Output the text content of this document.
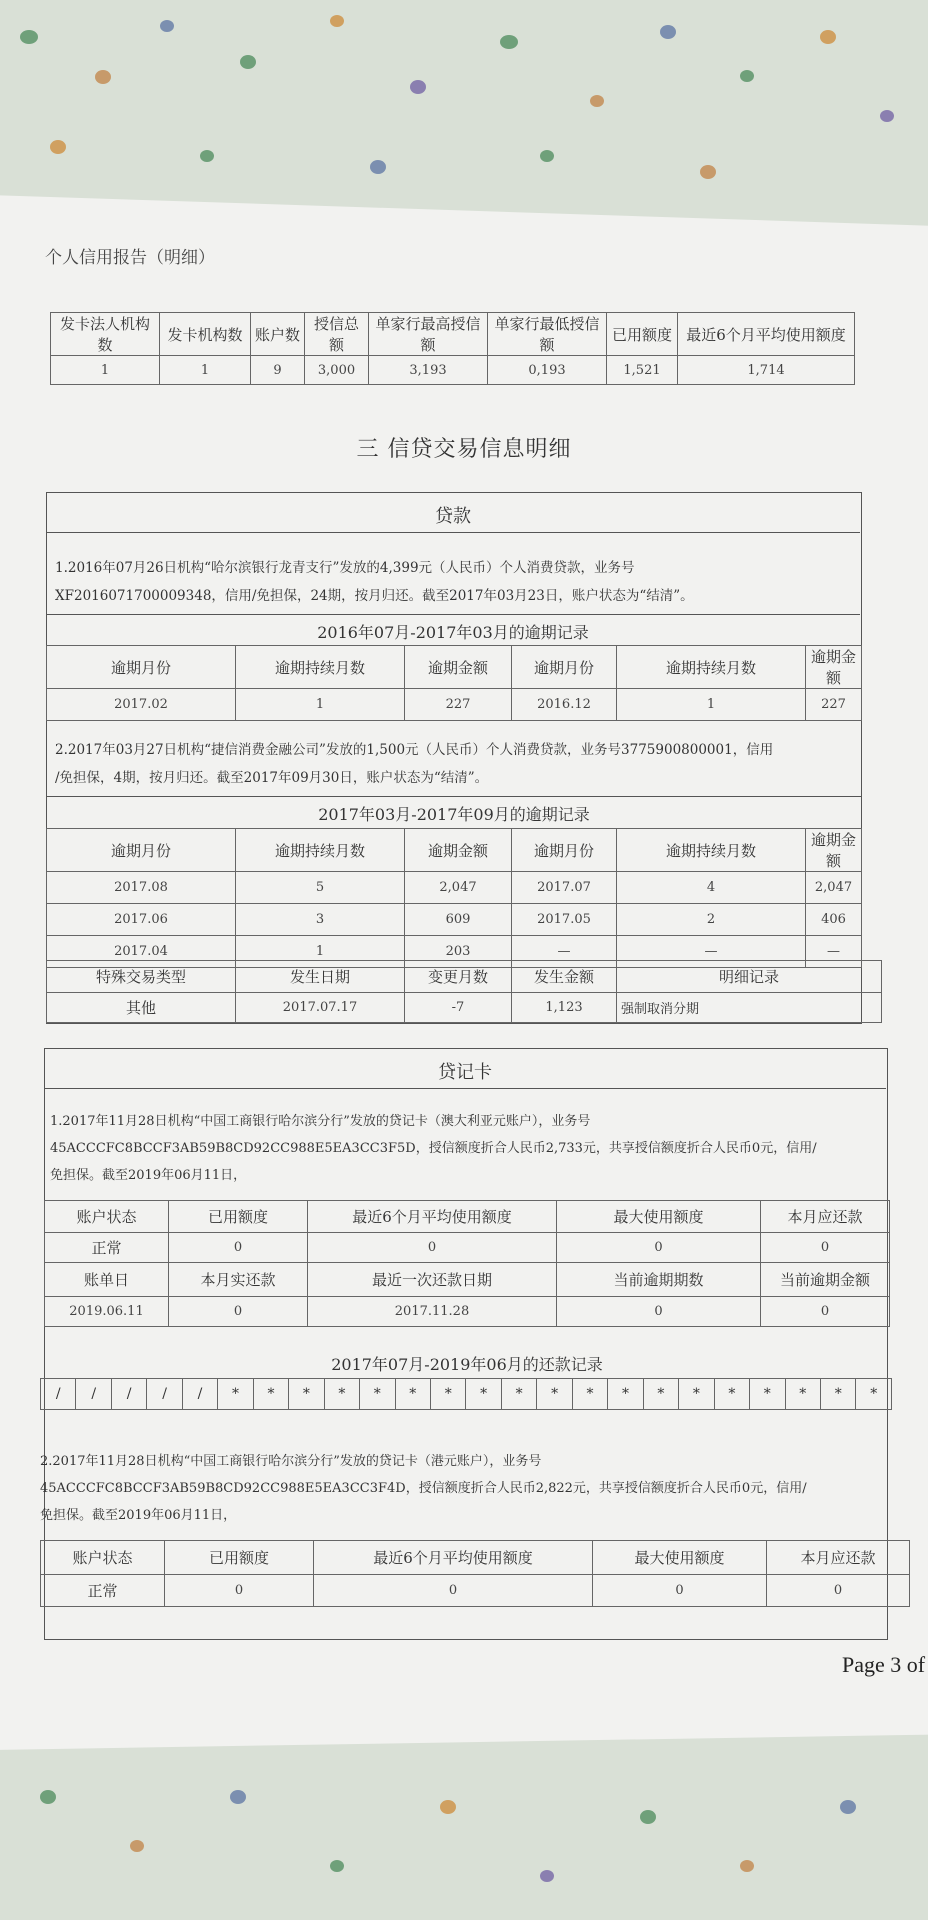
个人信用报告（明细）
发卡法人机构数	发卡机构数	账户数	授信总额	单家行最高授信额	单家行最低授信额	已用额度	最近6个月平均使用额度
1	1	9	3,000	3,193	0,193	1,521	1,714
三 信贷交易信息明细
贷款
1.2016年07月26日机构“哈尔滨银行龙青支行”发放的4,399元（人民币）个人消费贷款，业务号
XF2016071700009348，信用/免担保，24期，按月归还。截至2017年03月23日，账户状态为“结清”。
2016年07月-2017年03月的逾期记录
逾期月份	逾期持续月数	逾期金额	逾期月份	逾期持续月数	逾期金额
2017.02	1	227	2016.12	1	227
2.2017年03月27日机构“捷信消费金融公司”发放的1,500元（人民币）个人消费贷款，业务号3775900800001，信用
/免担保，4期，按月归还。截至2017年09月30日，账户状态为“结清”。
2017年03月-2017年09月的逾期记录
逾期月份	逾期持续月数	逾期金额	逾期月份	逾期持续月数	逾期金额
2017.08	5	2,047	2017.07	4	2,047
2017.06	3	609	2017.05	2	406
2017.04	1	203	—	—	—
特殊交易类型	发生日期	变更月数	发生金额	明细记录
其他	2017.07.17	-7	1,123	强制取消分期
贷记卡
1.2017年11月28日机构“中国工商银行哈尔滨分行”发放的贷记卡（澳大利亚元账户），业务号
45ACCCFC8BCCF3AB59B8CD92CC988E5EA3CC3F5D，授信额度折合人民币2,733元，共享授信额度折合人民币0元，信用/
免担保。截至2019年06月11日，
账户状态	已用额度	最近6个月平均使用额度	最大使用额度	本月应还款
正常	0	0	0	0
账单日	本月实还款	最近一次还款日期	当前逾期期数	当前逾期金额
2019.06.11	0	2017.11.28	0	0
2017年07月-2019年06月的还款记录
/	/	/	/	/	*	*	*	*	*	*	*	*	*	*	*	*	*	*	*	*	*	*	*
2.2017年11月28日机构“中国工商银行哈尔滨分行”发放的贷记卡（港元账户），业务号
45ACCCFC8BCCF3AB59B8CD92CC988E5EA3CC3F4D，授信额度折合人民币2,822元，共享授信额度折合人民币0元，信用/
免担保。截至2019年06月11日，
账户状态	已用额度	最近6个月平均使用额度	最大使用额度	本月应还款
正常	0	0	0	0
Page 3 of
